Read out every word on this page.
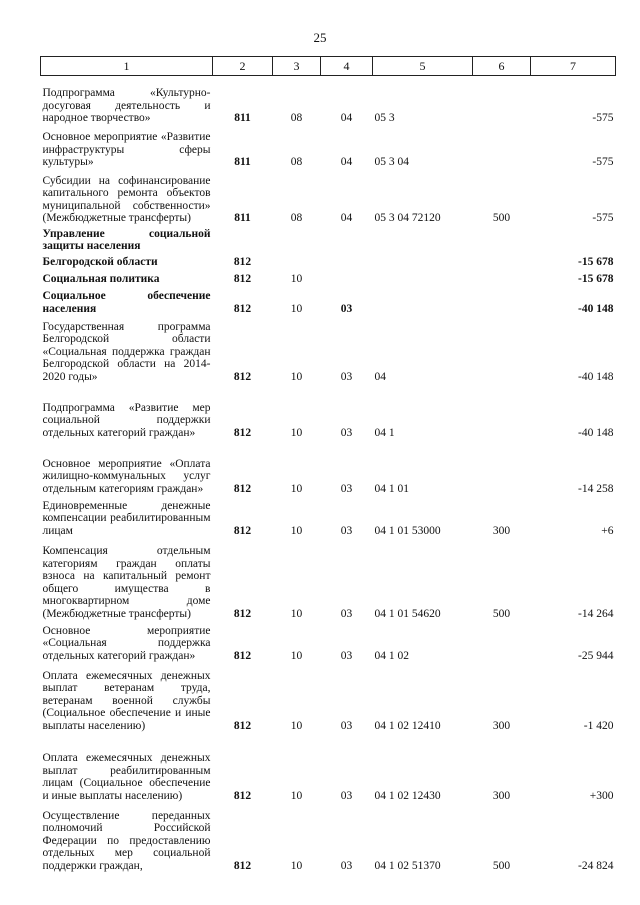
25
1	2	3	4	5	6	7
Подпрограмма «Культурно-досуговая деятельность и народное творчество»	811	08	04	05 3		-575
Основное мероприятие «Развитие инфраструктуры сферы культуры»	811	08	04	05 3 04		-575
Субсидии на софинансирование капитального ремонта объектов муниципальной собственности» (Межбюджетные трансферты)	811	08	04	05 3 04 72120	500	-575
Управление социальной защиты населения						
Белгородской области	812					-15 678
Социальная политика	812	10				-15 678
Социальное обеспечение населения	812	10	03			-40 148
Государственная программа Белгородской области «Социальная поддержка граждан Белгородской области на 2014-2020 годы»	812	10	03	04		-40 148
Подпрограмма «Развитие мер социальной поддержки отдельных категорий граждан»	812	10	03	04 1		-40 148
Основное мероприятие «Оплата жилищно-коммунальных услуг отдельным категориям граждан»	812	10	03	04 1 01		-14 258
Единовременные денежные компенсации реабилитированным лицам	812	10	03	04 1 01 53000	300	+6
Компенсация отдельным категориям граждан оплаты взноса на капитальный ремонт общего имущества в многоквартирном доме (Межбюджетные трансферты)	812	10	03	04 1 01 54620	500	-14 264
Основное мероприятие «Социальная поддержка отдельных категорий граждан»	812	10	03	04 1 02		-25 944
Оплата ежемесячных денежных выплат ветеранам труда, ветеранам военной службы (Социальное обеспечение и иные выплаты населению)	812	10	03	04 1 02 12410	300	-1 420
Оплата ежемесячных денежных выплат реабилитированным лицам (Социальное обеспечение и иные выплаты населению)	812	10	03	04 1 02 12430	300	+300
Осуществление переданных полномочий Российской Федерации по предоставлению отдельных мер социальной поддержки граждан,	812	10	03	04 1 02 51370	500	-24 824
